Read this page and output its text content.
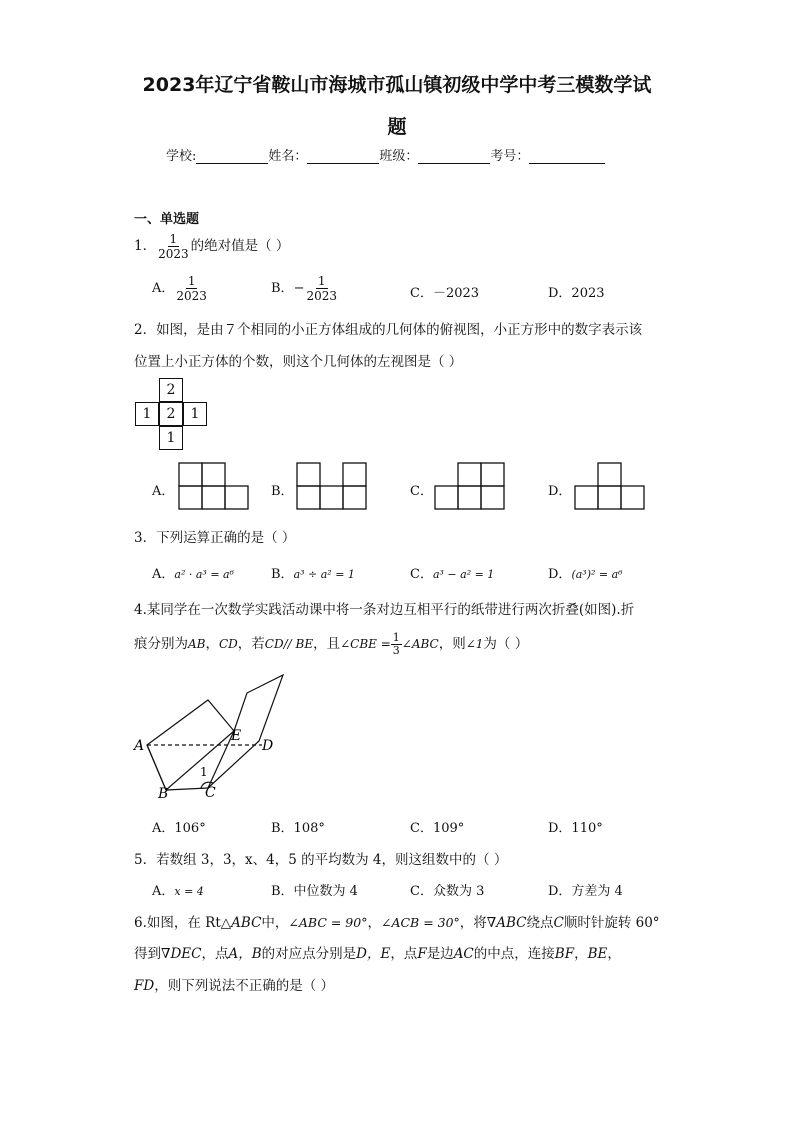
2023年辽宁省鞍山市海城市孤山镇初级中学中考三模数学试
题
学校:	姓名：	班级：	考号：
一、单选题
1． $\frac{1}{2023}$ 的绝对值是（ ）
A． $\frac{1}{2023}$	B．− $\frac{1}{2023}$	C．－2023	D．2023
2．如图，是由７个相同的小正方体组成的几何体的俯视图，小正方形中的数字表示该
位置上小正方体的个数，则这个几何体的左视图是（ ）
2
1	2	1
1
A．	B．	C．	D．
3．下列运算正确的是（ ）
A．a² · a³ = a⁶	B．a³ ÷ a² = 1	C．a³ − a² = 1	D．(a³)² = a⁶
4.某同学在一次数学实践活动课中将一条对边互相平行的纸带进行两次折叠(如图).折
痕分别为AB，CD，若CD// BE，且∠CBE = $\frac{1}{3}$ ∠ABC，则∠1为（ ）
A
E
D
B	C
1
A．106°	B．108°	C．109°	D．110°
5．若数组 3，3，x、4，5 的平均数为 4，则这组数中的（ ）
A．x = 4	B．中位数为 4	C．众数为 3	D．方差为 4
6.如图，在 Rt△ABC中，∠ABC = 90°，∠ACB = 30°，将∇ABC绕点C顺时针旋转 60°
得到∇DEC，点A，B的对应点分别是D，E，点F是边AC的中点，连接BF，BE，
FD，则下列说法不正确的是（ ）
